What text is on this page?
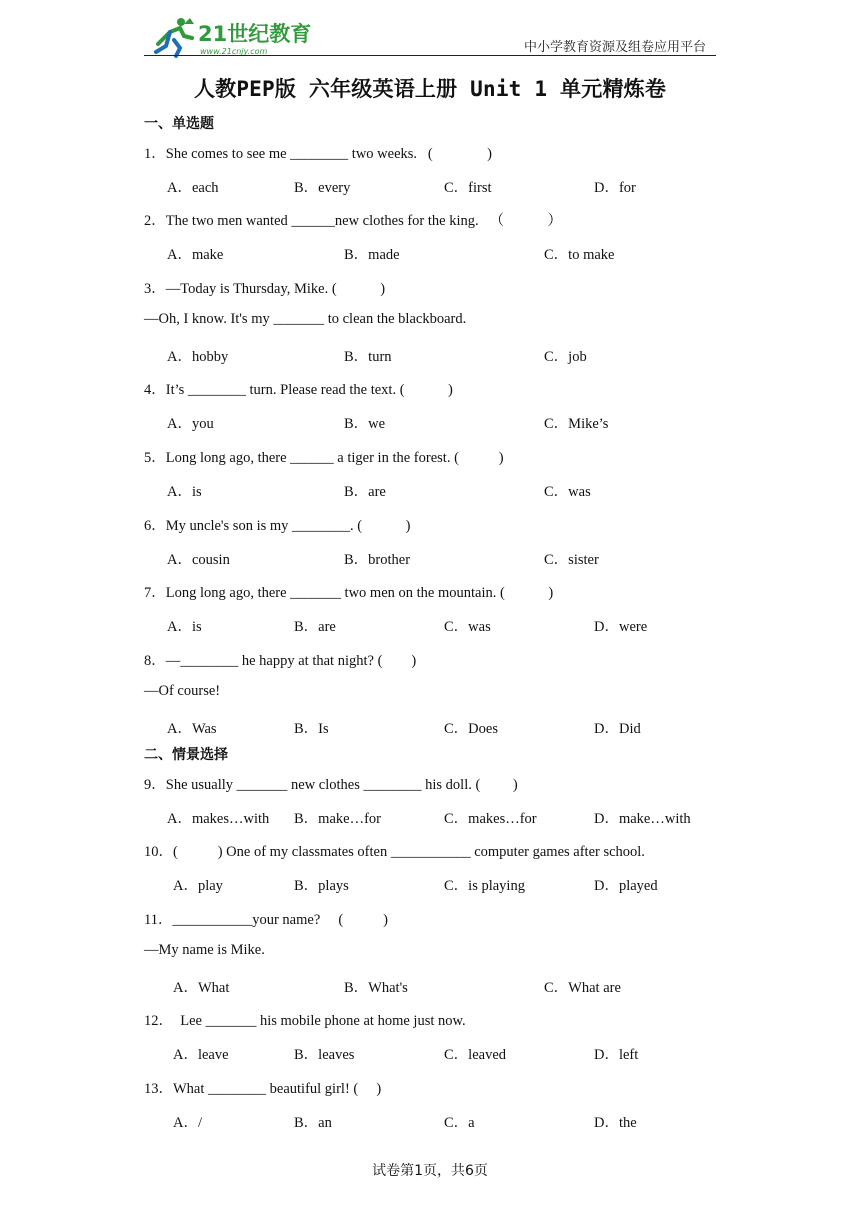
21世纪教育
www.21cnjy.com	中小学教育资源及组卷应用平台
人教PEP版 六年级英语上册 Unit 1 单元精炼卷
一、单选题
二、情景选择
1．She comes to see me ________ two weeks.   (               )
A．each	B．every	C．first	D．for
2．The two men wanted ______new clothes for the king.   （            ）
A．make	B．made	C．to make
3．—Today is Thursday, Mike. (            )
—Oh, I know. It's my _______ to clean the blackboard.
A．hobby	B．turn	C．job
4．It’s ________ turn. Please read the text. (            )
A．you	B．we	C．Mike’s
5．Long long ago, there ______ a tiger in the forest. (           )
A．is	B．are	C．was
6．My uncle's son is my ________. (            )
A．cousin	B．brother	C．sister
7．Long long ago, there _______ two men on the mountain. (            )
A．is	B．are	C．was	D．were
8．—________ he happy at that night? (        )
—Of course!
A．Was	B．Is	C．Does	D．Did
9．She usually _______ new clothes ________ his doll. (         )
A．makes…with B．make…for	C．makes…for	D．make…with
10．(           ) One of my classmates often ___________ computer games after school.
A．play	B．plays	C．is playing	D．played
11．___________your name?     (           )
—My name is Mike.
A．What	B．What's	C．What are
12．  Lee _______ his mobile phone at home just now.
A．leave	B．leaves	C．leaved	D．left
13．What ________ beautiful girl! (     )
A．/	B．an	C．a	D．the
试卷第1页，共6页
